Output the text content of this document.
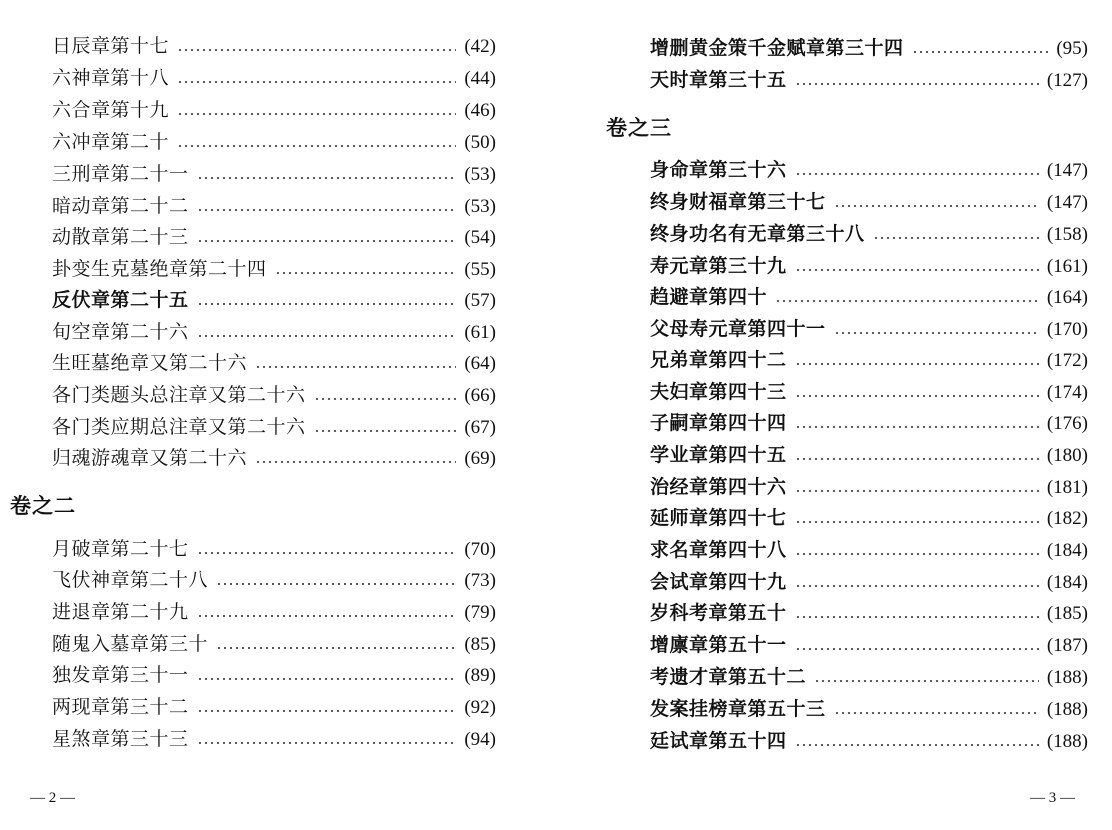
日辰章第十七	(42)
六神章第十八	(44)
六合章第十九	(46)
六冲章第二十	(50)
三刑章第二十一	(53)
暗动章第二十二	(53)
动散章第二十三	(54)
卦变生克墓绝章第二十四	(55)
反伏章第二十五	(57)
旬空章第二十六	(61)
生旺墓绝章又第二十六	(64)
各门类题头总注章又第二十六	(66)
各门类应期总注章又第二十六	(67)
归魂游魂章又第二十六	(69)
卷之二
月破章第二十七	(70)
飞伏神章第二十八	(73)
进退章第二十九	(79)
随鬼入墓章第三十	(85)
独发章第三十一	(89)
两现章第三十二	(92)
星煞章第三十三	(94)
— 2 —
增删黄金策千金赋章第三十四	(95)
天时章第三十五	(127)
卷之三
身命章第三十六	(147)
终身财福章第三十七	(147)
终身功名有无章第三十八	(158)
寿元章第三十九	(161)
趋避章第四十	(164)
父母寿元章第四十一	(170)
兄弟章第四十二	(172)
夫妇章第四十三	(174)
子嗣章第四十四	(176)
学业章第四十五	(180)
治经章第四十六	(181)
延师章第四十七	(182)
求名章第四十八	(184)
会试章第四十九	(184)
岁科考章第五十	(185)
增廪章第五十一	(187)
考遗才章第五十二	(188)
发案挂榜章第五十三	(188)
廷试章第五十四	(188)
— 3 —
